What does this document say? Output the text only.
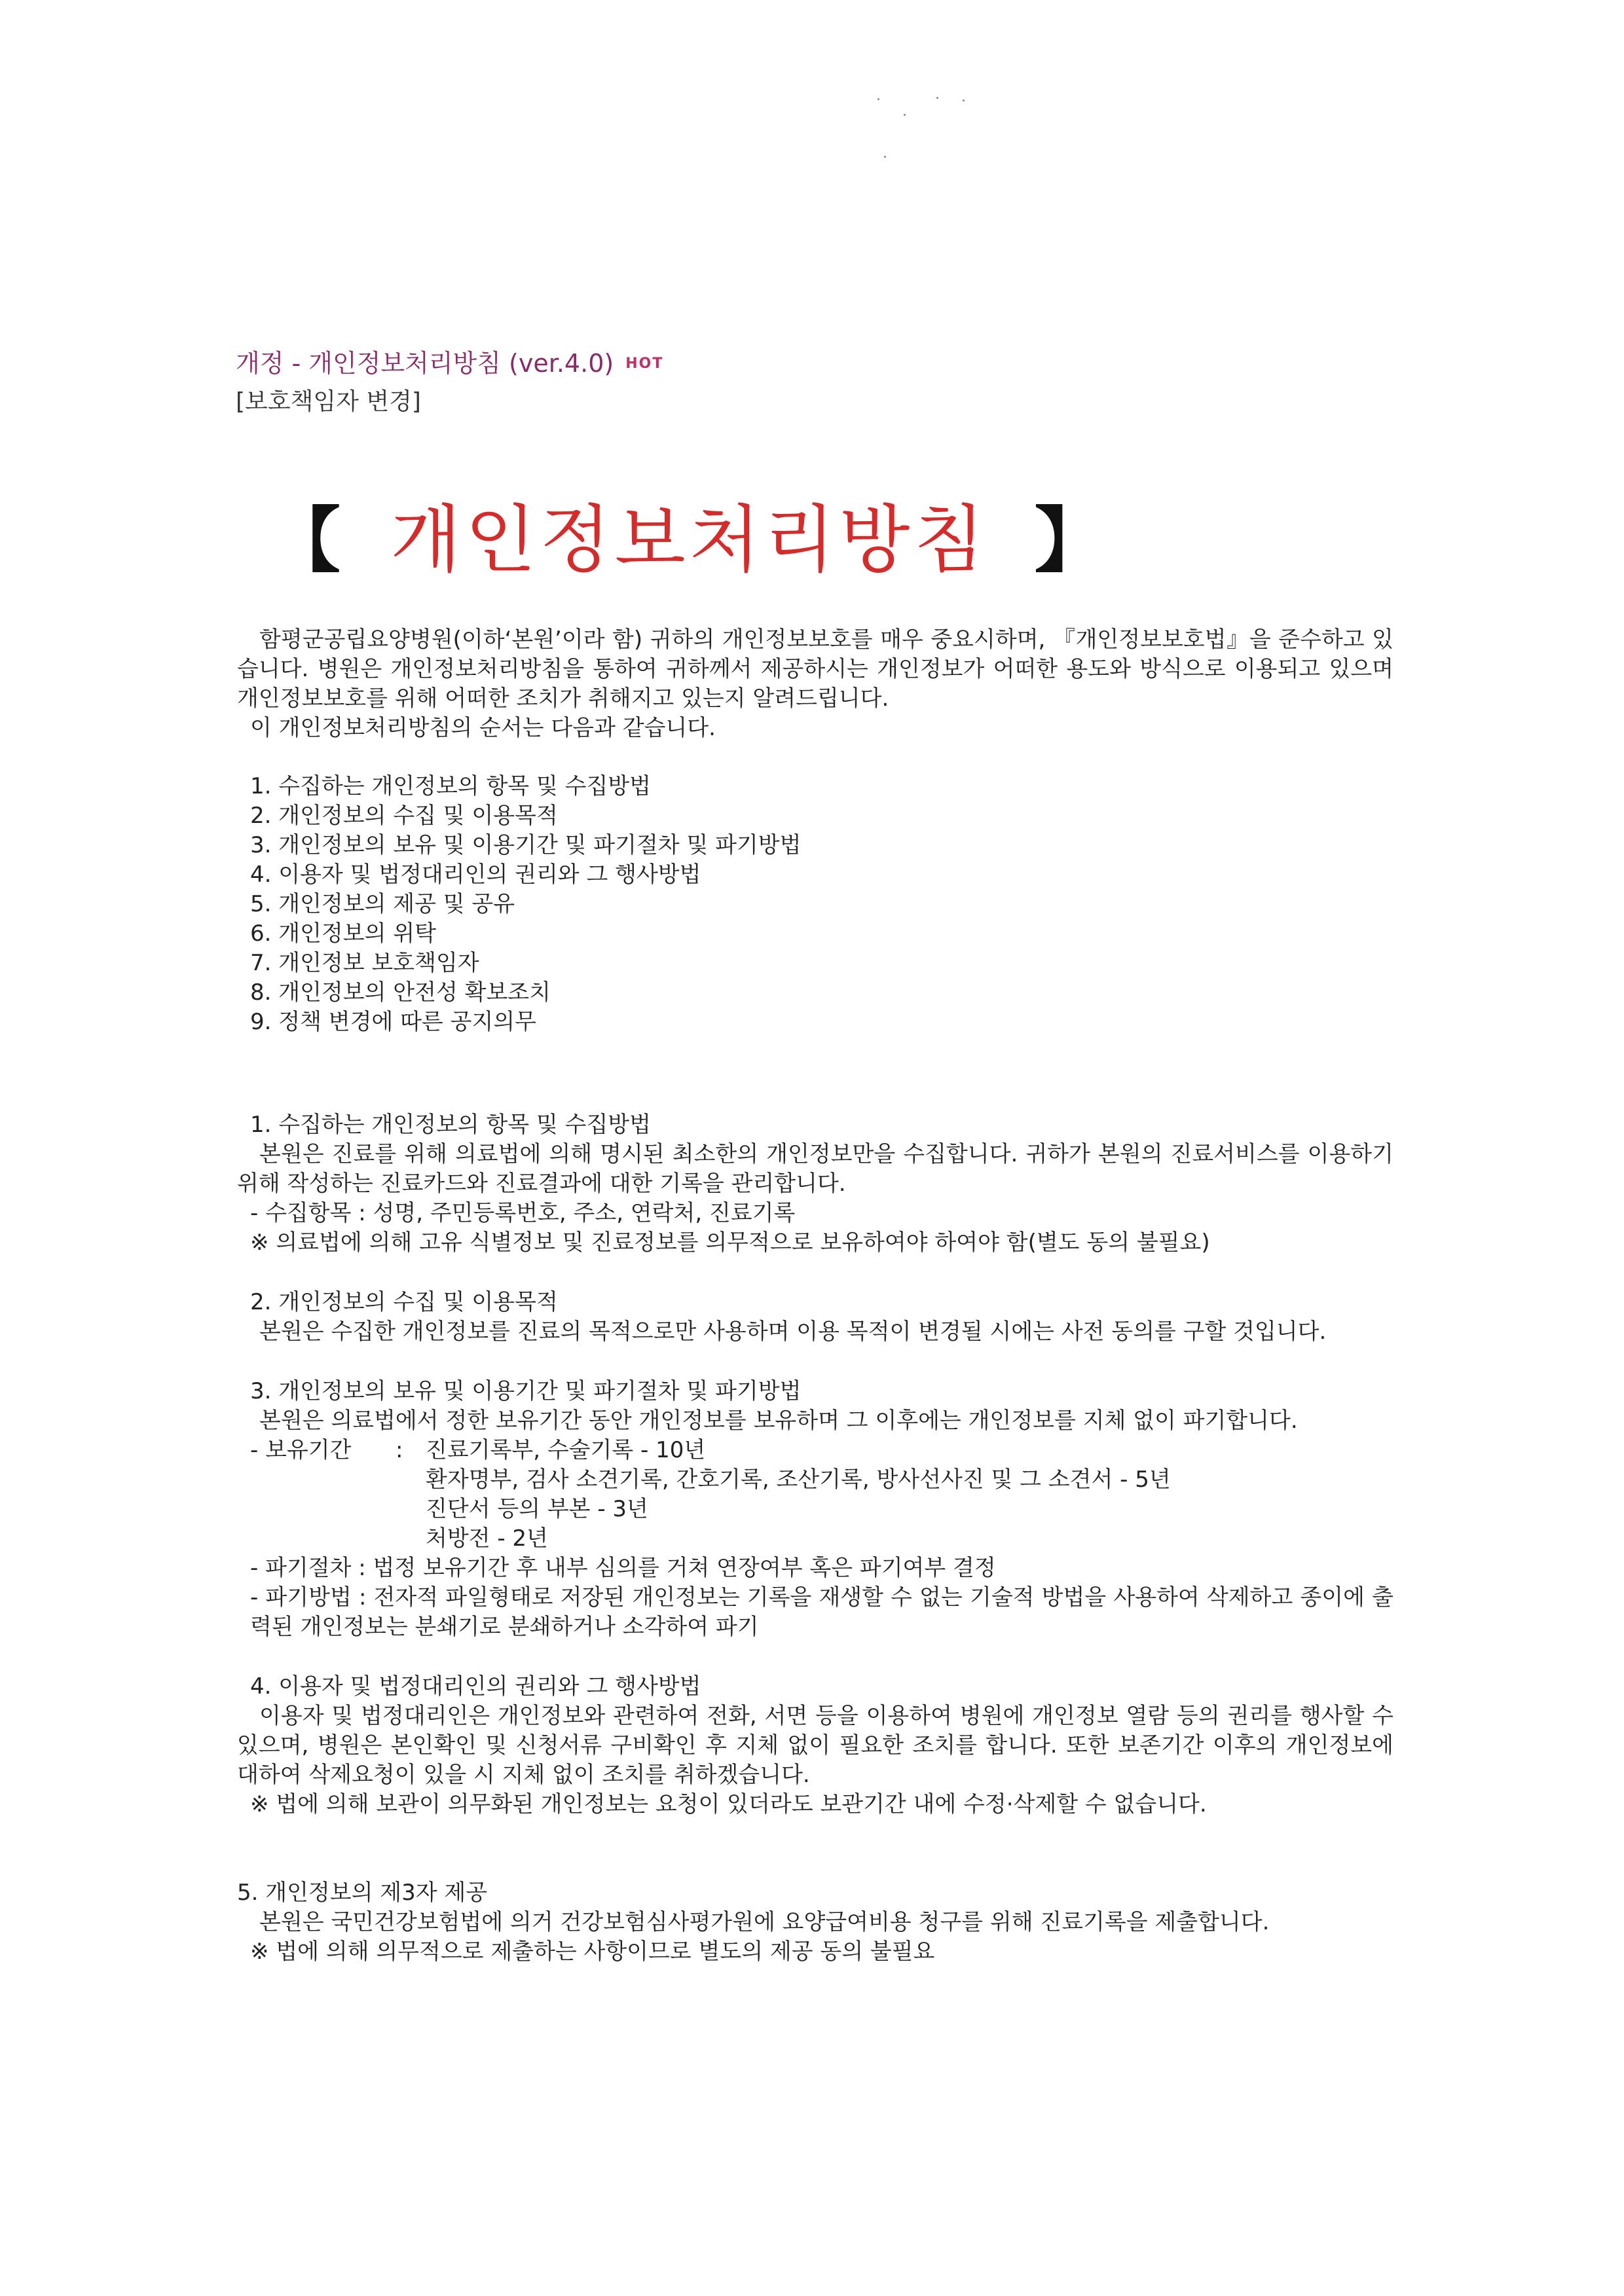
개정 - 개인정보처리방침 (ver.4.0) HOT
[보호책임자 변경]
【 개인정보처리방침 】

함평군공립요양병원(이하‘본원’이라 함) 귀하의 개인정보보호를 매우 중요시하며, 『개인정보보호법』을 준수하고 있습니다. 병원은 개인정보처리방침을 통하여 귀하께서 제공하시는 개인정보가 어떠한 용도와 방식으로 이용되고 있으며 개인정보보호를 위해 어떠한 조치가 취해지고 있는지 알려드립니다.

이 개인정보처리방침의 순서는 다음과 같습니다.

1. 수집하는 개인정보의 항목 및 수집방법

2. 개인정보의 수집 및 이용목적

3. 개인정보의 보유 및 이용기간 및 파기절차 및 파기방법

4. 이용자 및 법정대리인의 권리와 그 행사방법

5. 개인정보의 제공 및 공유

6. 개인정보의 위탁

7. 개인정보 보호책임자

8. 개인정보의 안전성 확보조치

9. 정책 변경에 따른 공지의무

1. 수집하는 개인정보의 항목 및 수집방법

본원은 진료를 위해 의료법에 의해 명시된 최소한의 개인정보만을 수집합니다. 귀하가 본원의 진료서비스를 이용하기 위해 작성하는 진료카드와 진료결과에 대한 기록을 관리합니다.

- 수집항목 : 성명, 주민등록번호, 주소, 연락처, 진료기록

※ 의료법에 의해 고유 식별정보 및 진료정보를 의무적으로 보유하여야 하여야 함(별도 동의 불필요)

2. 개인정보의 수집 및 이용목적

본원은 수집한 개인정보를 진료의 목적으로만 사용하며 이용 목적이 변경될 시에는 사전 동의를 구할 것입니다.

3. 개인정보의 보유 및 이용기간 및 파기절차 및 파기방법

본원은 의료법에서 정한 보유기간 동안 개인정보를 보유하며 그 이후에는 개인정보를 지체 없이 파기합니다.

- 보유기간	:	진료기록부, 수술기록 - 10년
환자명부, 검사 소견기록, 간호기록, 조산기록, 방사선사진 및 그 소견서 - 5년
진단서 등의 부본 - 3년
처방전 - 2년

- 파기절차 : 법정 보유기간 후 내부 심의를 거쳐 연장여부 혹은 파기여부 결정

- 파기방법 : 전자적 파일형태로 저장된 개인정보는 기록을 재생할 수 없는 기술적 방법을 사용하여 삭제하고 종이에 출력된 개인정보는 분쇄기로 분쇄하거나 소각하여 파기

4. 이용자 및 법정대리인의 권리와 그 행사방법

이용자 및 법정대리인은 개인정보와 관련하여 전화, 서면 등을 이용하여 병원에 개인정보 열람 등의 권리를 행사할 수 있으며, 병원은 본인확인 및 신청서류 구비확인 후 지체 없이 필요한 조치를 합니다. 또한 보존기간 이후의 개인정보에 대하여 삭제요청이 있을 시 지체 없이 조치를 취하겠습니다.

※ 법에 의해 보관이 의무화된 개인정보는 요청이 있더라도 보관기간 내에 수정·삭제할 수 없습니다.

5. 개인정보의 제3자 제공

본원은 국민건강보험법에 의거 건강보험심사평가원에 요양급여비용 청구를 위해 진료기록을 제출합니다.

※ 법에 의해 의무적으로 제출하는 사항이므로 별도의 제공 동의 불필요
